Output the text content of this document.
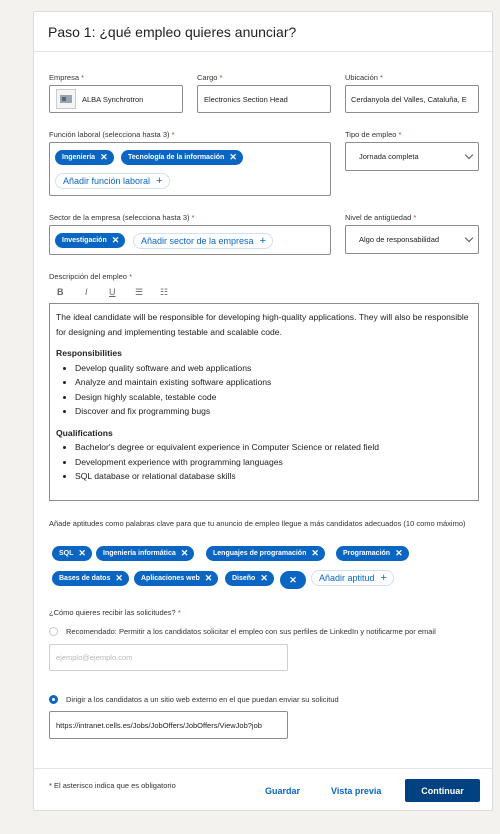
Paso 1: ¿qué empleo quieres anunciar?
Empresa *
ALBA Synchrotron
Cargo *
Electronics Section Head
Ubicación *
Cerdanyola del Valles, Cataluña, E
Función laboral (selecciona hasta 3) *
Ingeniería ✕	Tecnología de la información ✕
Añadir función laboral +
Tipo de empleo *
Jornada completa
Sector de la empresa (selecciona hasta 3) *
Investigación ✕ Añadir sector de la empresa +
Nivel de antigüedad *
Algo de responsabilidad
Descripción del empleo *
B I U ☰ ☷

The ideal candidate will be responsible for developing high-quality applications. They will also be responsible for designing and implementing testable and scalable code.

Responsibilities

• Develop quality software and web applications
• Analyze and maintain existing software applications
• Design highly scalable, testable code
• Discover and fix programming bugs

Qualifications

• Bachelor's degree or equivalent experience in Computer Science or related field
• Development experience with programming languages
• SQL database or relational database skills
Añade aptitudes como palabras clave para que tu anuncio de empleo llegue a más candidatos adecuados (10 como máximo)
SQL ✕ Ingeniería informática ✕	Lenguajes de programación ✕	Programación ✕
Bases de datos ✕	Aplicaciones web ✕	Diseño ✕ ✕ Añadir aptitud +
¿Cómo quieres recibir las solicitudes? *
Recomendado: Permitir a los candidatos solicitar el empleo con sus perfiles de LinkedIn y notificarme por email
ejemplo@ejemplo.com
Dirigir a los candidatos a un sitio web externo en el que puedan enviar su solicitud
https://intranet.cells.es/Jobs/JobOffers/JobOffers/ViewJob?job
* El asterisco indica que es obligatorio
Guardar	Vista previa	Continuar
